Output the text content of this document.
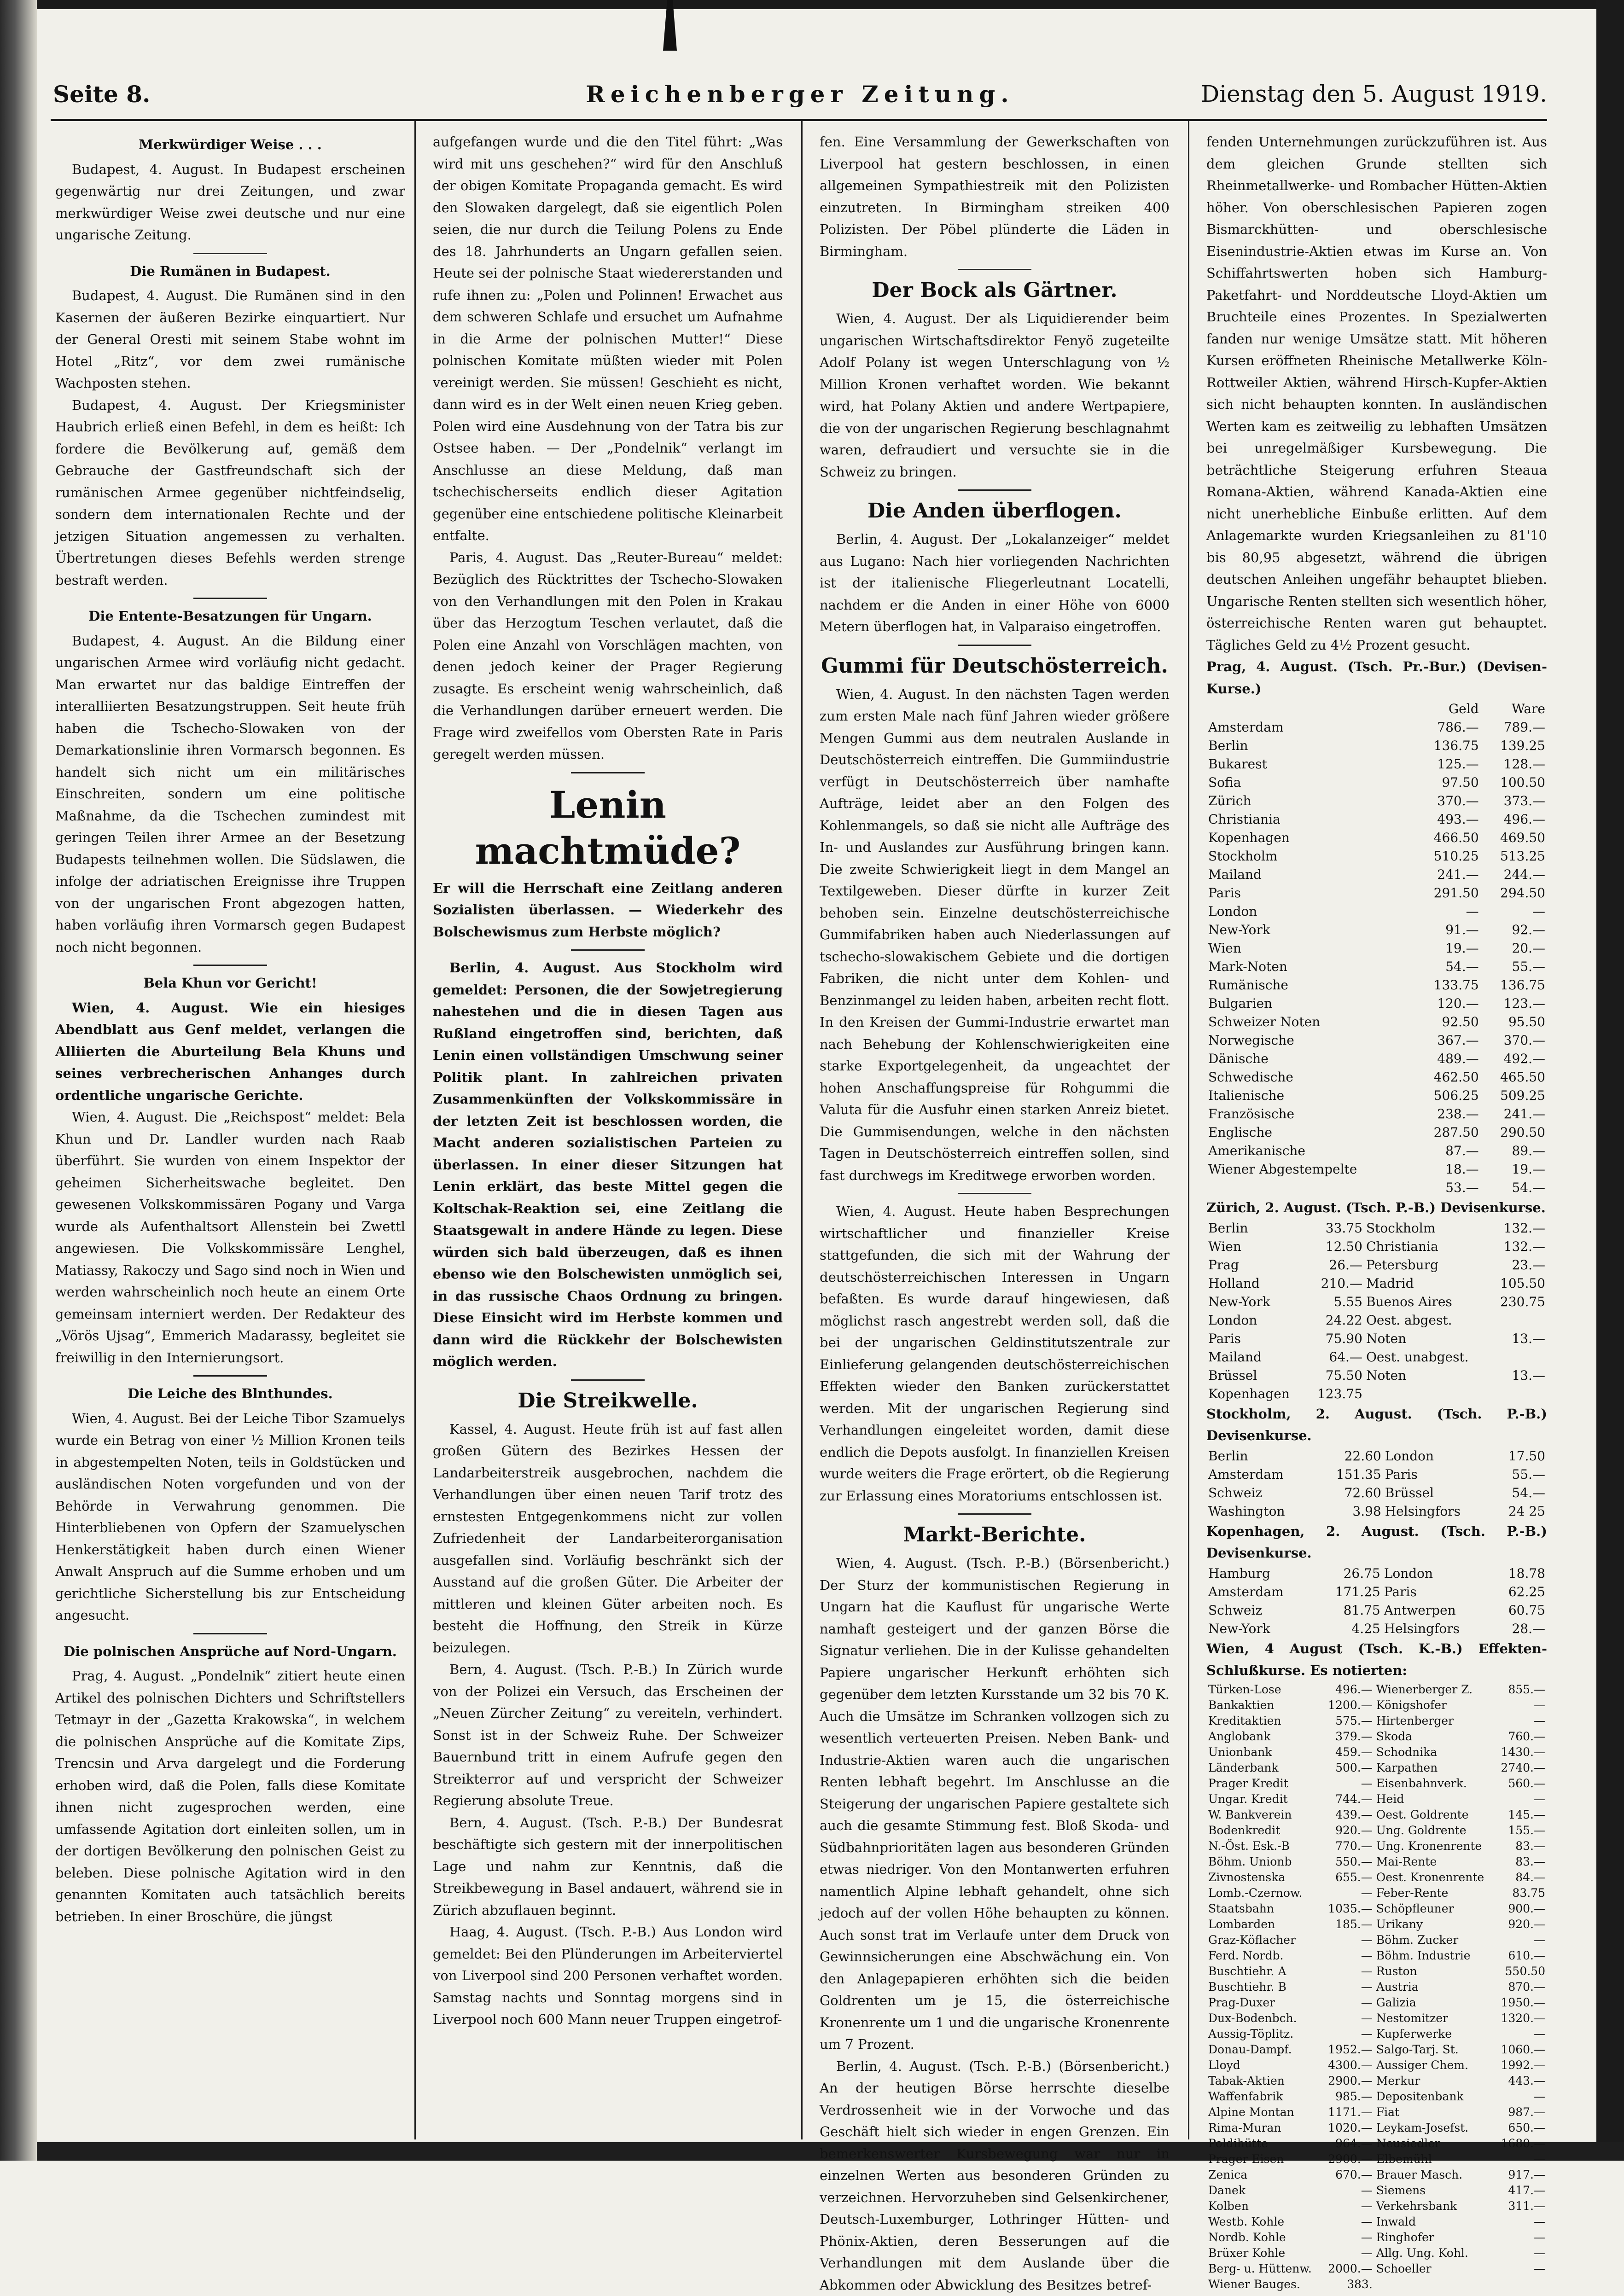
Seite 8.	Reichenberger Zeitung.	Dienstag den 5. August 1919.

Merkwürdiger Weise . . .

Budapest, 4. August. In Budapest erscheinen gegenwärtig nur drei Zeitungen, und zwar merkwürdiger Weise zwei deutsche und nur eine ungarische Zeitung.

Die Rumänen in Budapest.

Budapest, 4. August. Die Rumänen sind in den Kasernen der äußeren Bezirke einquartiert. Nur der General Oresti mit seinem Stabe wohnt im Hotel „Ritz“, vor dem zwei rumänische Wachposten stehen.

Budapest, 4. August. Der Kriegsminister Haubrich erließ einen Befehl, in dem es heißt: Ich fordere die Bevölkerung auf, gemäß dem Gebrauche der Gastfreundschaft sich der rumänischen Armee gegenüber nichtfeindselig, sondern dem internationalen Rechte und der jetzigen Situation angemessen zu verhalten. Übertretungen dieses Befehls werden strenge bestraft werden.

Die Entente-Besatzungen für Ungarn.

Budapest, 4. August. An die Bildung einer ungarischen Armee wird vorläufig nicht gedacht. Man erwartet nur das baldige Eintreffen der interalliierten Besatzungstruppen. Seit heute früh haben die Tschecho-Slowaken von der Demarkationslinie ihren Vormarsch begonnen. Es handelt sich nicht um ein militärisches Einschreiten, sondern um eine politische Maßnahme, da die Tschechen zumindest mit geringen Teilen ihrer Armee an der Besetzung Budapests teilnehmen wollen. Die Südslawen, die infolge der adriatischen Ereignisse ihre Truppen von der ungarischen Front abgezogen hatten, haben vorläufig ihren Vormarsch gegen Budapest noch nicht begonnen.

Bela Khun vor Gericht!

Wien, 4. August. Wie ein hiesiges Abendblatt aus Genf meldet, verlangen die Alliierten die Aburteilung Bela Khuns und seines verbrecherischen Anhanges durch ordentliche ungarische Gerichte.

Wien, 4. August. Die „Reichspost“ meldet: Bela Khun und Dr. Landler wurden nach Raab überführt. Sie wurden von einem Inspektor der geheimen Sicherheitswache begleitet. Den gewesenen Volkskommissären Pogany und Varga wurde als Aufenthaltsort Allenstein bei Zwettl angewiesen. Die Volkskommissäre Lenghel, Matiassy, Rakoczy und Sago sind noch in Wien und werden wahrscheinlich noch heute an einem Orte gemeinsam interniert werden. Der Redakteur des „Vörös Ujsag“, Emmerich Madarassy, begleitet sie freiwillig in den Internierungsort.

Die Leiche des Blnthundes.

Wien, 4. August. Bei der Leiche Tibor Szamuelys wurde ein Betrag von einer ½ Million Kronen teils in abgestempelten Noten, teils in Goldstücken und ausländischen Noten vorgefunden und von der Behörde in Verwahrung genommen. Die Hinterbliebenen von Opfern der Szamuelyschen Henkerstätigkeit haben durch einen Wiener Anwalt Anspruch auf die Summe erhoben und um gerichtliche Sicherstellung bis zur Entscheidung angesucht.

Die polnischen Ansprüche auf Nord-Ungarn.

Prag, 4. August. „Pondelnik“ zitiert heute einen Artikel des polnischen Dichters und Schriftstellers Tetmayr in der „Gazetta Krakowska“, in welchem die polnischen Ansprüche auf die Komitate Zips, Trencsin und Arva dargelegt und die Forderung erhoben wird, daß die Polen, falls diese Komitate ihnen nicht zugesprochen werden, eine umfassende Agitation dort einleiten sollen, um in der dortigen Bevölkerung den polnischen Geist zu beleben. Diese polnische Agitation wird in den genannten Komitaten auch tatsächlich bereits betrieben. In einer Broschüre, die jüngst

aufgefangen wurde und die den Titel führt: „Was wird mit uns geschehen?“ wird für den Anschluß der obigen Komitate Propaganda gemacht. Es wird den Slowaken dargelegt, daß sie eigentlich Polen seien, die nur durch die Teilung Polens zu Ende des 18. Jahrhunderts an Ungarn gefallen seien. Heute sei der polnische Staat wiedererstanden und rufe ihnen zu: „Polen und Polinnen! Erwachet aus dem schweren Schlafe und ersuchet um Aufnahme in die Arme der polnischen Mutter!“ Diese polnischen Komitate müßten wieder mit Polen vereinigt werden. Sie müssen! Geschieht es nicht, dann wird es in der Welt einen neuen Krieg geben. Polen wird eine Ausdehnung von der Tatra bis zur Ostsee haben. — Der „Pondelnik“ verlangt im Anschlusse an diese Meldung, daß man tschechischerseits endlich dieser Agitation gegenüber eine entschiedene politische Kleinarbeit entfalte.

Paris, 4. August. Das „Reuter-Bureau“ meldet: Bezüglich des Rücktrittes der Tschecho-Slowaken von den Verhandlungen mit den Polen in Krakau über das Herzogtum Teschen verlautet, daß die Polen eine Anzahl von Vorschlägen machten, von denen jedoch keiner der Prager Regierung zusagte. Es erscheint wenig wahrscheinlich, daß die Verhandlungen darüber erneuert werden. Die Frage wird zweifellos vom Obersten Rate in Paris geregelt werden müssen.

Lenin machtmüde?

Er will die Herrschaft eine Zeitlang anderen Sozialisten überlassen. — Wiederkehr des Bolschewismus zum Herbste möglich?

Berlin, 4. August. Aus Stockholm wird gemeldet: Personen, die der Sowjetregierung nahestehen und die in diesen Tagen aus Rußland eingetroffen sind, berichten, daß Lenin einen vollständigen Umschwung seiner Politik plant. In zahlreichen privaten Zusammenkünften der Volkskommissäre in der letzten Zeit ist beschlossen worden, die Macht anderen sozialistischen Parteien zu überlassen. In einer dieser Sitzungen hat Lenin erklärt, das beste Mittel gegen die Koltschak-Reaktion sei, eine Zeitlang die Staatsgewalt in andere Hände zu legen. Diese würden sich bald überzeugen, daß es ihnen ebenso wie den Bolschewisten unmöglich sei, in das russische Chaos Ordnung zu bringen. Diese Einsicht wird im Herbste kommen und dann wird die Rückkehr der Bolschewisten möglich werden.

Die Streikwelle.

Kassel, 4. August. Heute früh ist auf fast allen großen Gütern des Bezirkes Hessen der Landarbeiterstreik ausgebrochen, nachdem die Verhandlungen über einen neuen Tarif trotz des ernstesten Entgegenkommens nicht zur vollen Zufriedenheit der Landarbeiterorganisation ausgefallen sind. Vorläufig beschränkt sich der Ausstand auf die großen Güter. Die Arbeiter der mittleren und kleinen Güter arbeiten noch. Es besteht die Hoffnung, den Streik in Kürze beizulegen.

Bern, 4. August. (Tsch. P.-B.) In Zürich wurde von der Polizei ein Versuch, das Erscheinen der „Neuen Zürcher Zeitung“ zu vereiteln, verhindert. Sonst ist in der Schweiz Ruhe. Der Schweizer Bauernbund tritt in einem Aufrufe gegen den Streikterror auf und verspricht der Schweizer Regierung absolute Treue.

Bern, 4. August. (Tsch. P.-B.) Der Bundesrat beschäftigte sich gestern mit der innerpolitischen Lage und nahm zur Kenntnis, daß die Streikbewegung in Basel andauert, während sie in Zürich abzuflauen beginnt.

Haag, 4. August. (Tsch. P.-B.) Aus London wird gemeldet: Bei den Plünderungen im Arbeiterviertel von Liverpool sind 200 Personen verhaftet worden. Samstag nachts und Sonntag morgens sind in Liverpool noch 600 Mann neuer Truppen eingetrof-

fen. Eine Versammlung der Gewerkschaften von Liverpool hat gestern beschlossen, in einen allgemeinen Sympathiestreik mit den Polizisten einzutreten. In Birmingham streiken 400 Polizisten. Der Pöbel plünderte die Läden in Birmingham.

Der Bock als Gärtner.

Wien, 4. August. Der als Liquidierender beim ungarischen Wirtschaftsdirektor Fenyö zugeteilte Adolf Polany ist wegen Unterschlagung von ½ Million Kronen verhaftet worden. Wie bekannt wird, hat Polany Aktien und andere Wertpapiere, die von der ungarischen Regierung beschlagnahmt waren, defraudiert und versuchte sie in die Schweiz zu bringen.

Die Anden überflogen.

Berlin, 4. August. Der „Lokalanzeiger“ meldet aus Lugano: Nach hier vorliegenden Nachrichten ist der italienische Fliegerleutnant Locatelli, nachdem er die Anden in einer Höhe von 6000 Metern überflogen hat, in Valparaiso eingetroffen.

Gummi für Deutschösterreich.

Wien, 4. August. In den nächsten Tagen werden zum ersten Male nach fünf Jahren wieder größere Mengen Gummi aus dem neutralen Auslande in Deutschösterreich eintreffen. Die Gummiindustrie verfügt in Deutschösterreich über namhafte Aufträge, leidet aber an den Folgen des Kohlenmangels, so daß sie nicht alle Aufträge des In- und Auslandes zur Ausführung bringen kann. Die zweite Schwierigkeit liegt in dem Mangel an Textilgeweben. Dieser dürfte in kurzer Zeit behoben sein. Einzelne deutschösterreichische Gummifabriken haben auch Niederlassungen auf tschecho-slowakischem Gebiete und die dortigen Fabriken, die nicht unter dem Kohlen- und Benzinmangel zu leiden haben, arbeiten recht flott. In den Kreisen der Gummi-Industrie erwartet man nach Behebung der Kohlenschwierigkeiten eine starke Exportgelegenheit, da ungeachtet der hohen Anschaffungspreise für Rohgummi die Valuta für die Ausfuhr einen starken Anreiz bietet. Die Gummisendungen, welche in den nächsten Tagen in Deutschösterreich eintreffen sollen, sind fast durchwegs im Kreditwege erworben worden.

Wien, 4. August. Heute haben Besprechungen wirtschaftlicher und finanzieller Kreise stattgefunden, die sich mit der Wahrung der deutschösterreichischen Interessen in Ungarn befaßten. Es wurde darauf hingewiesen, daß möglichst rasch angestrebt werden soll, daß die bei der ungarischen Geldinstitutszentrale zur Einlieferung gelangenden deutschösterreichischen Effekten wieder den Banken zurückerstattet werden. Mit der ungarischen Regierung sind Verhandlungen eingeleitet worden, damit diese endlich die Depots ausfolgt. In finanziellen Kreisen wurde weiters die Frage erörtert, ob die Regierung zur Erlassung eines Moratoriums entschlossen ist.

Markt-Berichte.

Wien, 4. August. (Tsch. P.-B.) (Börsenbericht.) Der Sturz der kommunistischen Regierung in Ungarn hat die Kauflust für ungarische Werte namhaft gesteigert und der ganzen Börse die Signatur verliehen. Die in der Kulisse gehandelten Papiere ungarischer Herkunft erhöhten sich gegenüber dem letzten Kursstande um 32 bis 70 K. Auch die Umsätze im Schranken vollzogen sich zu wesentlich verteuerten Preisen. Neben Bank- und Industrie-Aktien waren auch die ungarischen Renten lebhaft begehrt. Im Anschlusse an die Steigerung der ungarischen Papiere gestaltete sich auch die gesamte Stimmung fest. Bloß Skoda- und Südbahnprioritäten lagen aus besonderen Gründen etwas niedriger. Von den Montanwerten erfuhren namentlich Alpine lebhaft gehandelt, ohne sich jedoch auf der vollen Höhe behaupten zu können. Auch sonst trat im Verlaufe unter dem Druck von Gewinnsicherungen eine Abschwächung ein. Von den Anlagepapieren erhöhten sich die beiden Goldrenten um je 15, die österreichische Kronenrente um 1 und die ungarische Kronenrente um 7 Prozent.

Berlin, 4. August. (Tsch. P.-B.) (Börsenbericht.) An der heutigen Börse herrschte dieselbe Verdrossenheit wie in der Vorwoche und das Geschäft hielt sich wieder in engen Grenzen. Ein bemerkenswerter Kursbewegung war nur in einzelnen Werten aus besonderen Gründen zu verzeichnen. Hervorzuheben sind Gelsenkirchener, Deutsch-Luxemburger, Lothringer Hütten- und Phönix-Aktien, deren Besserungen auf die Verhandlungen mit dem Auslande über die Abkommen oder Abwicklung des Besitzes betref-

fenden Unternehmungen zurückzuführen ist. Aus dem gleichen Grunde stellten sich Rheinmetallwerke- und Rombacher Hütten-Aktien höher. Von oberschlesischen Papieren zogen Bismarckhütten- und oberschlesische Eisenindustrie-Aktien etwas im Kurse an. Von Schiffahrtswerten hoben sich Hamburg-Paketfahrt- und Norddeutsche Lloyd-Aktien um Bruchteile eines Prozentes. In Spezialwerten fanden nur wenige Umsätze statt. Mit höheren Kursen eröffneten Rheinische Metallwerke Köln-Rottweiler Aktien, während Hirsch-Kupfer-Aktien sich nicht behaupten konnten. In ausländischen Werten kam es zeitweilig zu lebhaften Umsätzen bei unregelmäßiger Kursbewegung. Die beträchtliche Steigerung erfuhren Steaua Romana-Aktien, während Kanada-Aktien eine nicht unerhebliche Einbuße erlitten. Auf dem Anlagemarkte wurden Kriegsanleihen zu 81'10 bis 80,95 abgesetzt, während die übrigen deutschen Anleihen ungefähr behauptet blieben. Ungarische Renten stellten sich wesentlich höher, österreichische Renten waren gut behauptet. Tägliches Geld zu 4½ Prozent gesucht.

Prag, 4. August. (Tsch. Pr.-Bur.) (Devisen-Kurse.)

	Geld	Ware
Amsterdam	786.—	789.—
Berlin	136.75	139.25
Bukarest	125.—	128.—
Sofia	97.50	100.50
Zürich	370.—	373.—
Christiania	493.—	496.—
Kopenhagen	466.50	469.50
Stockholm	510.25	513.25
Mailand	241.—	244.—
Paris	291.50	294.50
London	—	—
New-York	91.—	92.—
Wien	19.—	20.—
Mark-Noten	54.—	55.—
Rumänische	133.75	136.75
Bulgarien	120.—	123.—
Schweizer Noten	92.50	95.50
Norwegische	367.—	370.—
Dänische	489.—	492.—
Schwedische	462.50	465.50
Italienische	506.25	509.25
Französische	238.—	241.—
Englische	287.50	290.50
Amerikanische	87.—	89.—
Wiener Abgestempelte	18.—	19.—
	53.—	54.—

Zürich, 2. August. (Tsch. P.-B.) Devisenkurse.

Berlin	33.75	Stockholm	132.—
Wien	12.50	Christiania	132.—
Prag	26.—	Petersburg	23.—
Holland	210.—	Madrid	105.50
New-York	5.55	Buenos Aires	230.75
London	24.22	Oest. abgest.	
Paris	75.90	Noten	13.—
Mailand	64.—	Oest. unabgest.	
Brüssel	75.50	Noten	13.—
Kopenhagen	123.75		

Stockholm, 2. August. (Tsch. P.-B.) Devisenkurse.

Berlin	22.60	London	17.50
Amsterdam	151.35	Paris	55.—
Schweiz	72.60	Brüssel	54.—
Washington	3.98	Helsingfors	24 25

Kopenhagen, 2. August. (Tsch. P.-B.) Devisenkurse.

Hamburg	26.75	London	18.78
Amsterdam	171.25	Paris	62.25
Schweiz	81.75	Antwerpen	60.75
New-York	4.25	Helsingfors	28.—

Wien, 4 August (Tsch. K.-B.) Effekten-Schlußkurse. Es notierten:

Türken-Lose	496.—	Wienerberger Z.	855.—
Bankaktien	1200.—	Königshofer	—
Kreditaktien	575.—	Hirtenberger	—
Anglobank	379.—	Skoda	760.—
Unionbank	459.—	Schodnika	1430.—
Länderbank	500.—	Karpathen	2740.—
Prager Kredit	—	Eisenbahnverk.	560.—
Ungar. Kredit	744.—	Heid	—
W. Bankverein	439.—	Oest. Goldrente	145.—
Bodenkredit	920.—	Ung. Goldrente	155.—
N.-Öst. Esk.-B	770.—	Ung. Kronenrente	83.—
Böhm. Unionb	550.—	Mai-Rente	83.—
Zivnostenska	655.—	Oest. Kronenrente	84.—
Lomb.-Czernow.	—	Feber-Rente	83.75
Staatsbahn	1035.—	Schöpfleuner	900.—
Lombarden	185.—	Urikany	920.—
Graz-Köflacher	—	Böhm. Zucker	—
Ferd. Nordb.	—	Böhm. Industrie	610.—
Buschtiehr. A	—	Ruston	550.50
Buschtiehr. B	—	Austria	870.—
Prag-Duxer	—	Galizia	1950.—
Dux-Bodenbch.	—	Nestomitzer	1320.—
Aussig-Töplitz.	—	Kupferwerke	—
Donau-Dampf.	1952.—	Salgo-Tarj. St.	1060.—
Lloyd	4300.—	Aussiger Chem.	1992.—
Tabak-Aktien	2900.—	Merkur	443.—
Waffenfabrik	985.—	Depositenbank	—
Alpine Montan	1171.—	Fiat	987.—
Rima-Muran	1020.—	Leykam-Josefst.	650.—
Poldihütte	964.—	Neusiedler	1680.—
Prager Eisen	2900.—	Elbemühl	—
Zenica	670.—	Brauer Masch.	917.—
Danek	—	Siemens	417.—
Kolben	—	Verkehrsbank	311.—
Westb. Kohle	—	Inwald	—
Nordb. Kohle	—	Ringhofer	—
Brüxer Kohle	—	Allg. Ung. Kohl.	—
Berg- u. Hüttenw.	2000.—	Schoeller	—
Wiener Bauges.	383.		
